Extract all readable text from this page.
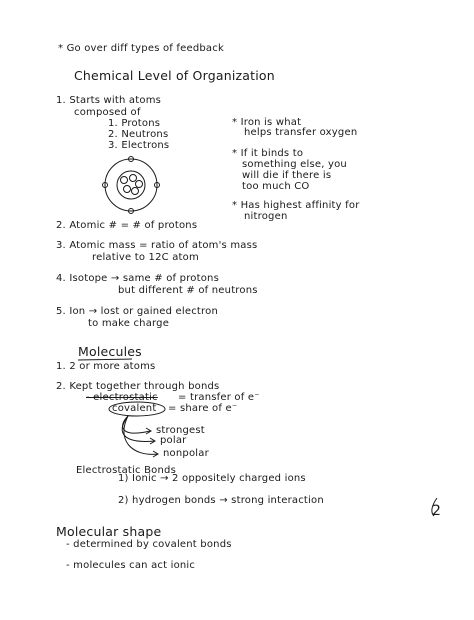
* Go over diff types of feedback
Chemical Level of Organization
1. Starts with atoms
composed of
1. Protons
2. Neutrons
3. Electrons
* Iron is what
helps transfer oxygen
* If it binds to
something else, you
will die if there is
too much CO
* Has highest affinity for
nitrogen
2. Atomic # = # of protons
3. Atomic mass = ratio of atom's mass
relative to 12C atom
4. Isotope → same # of protons
but different # of neutrons
5. Ion → lost or gained electron
to make charge
Molecules
1. 2 or more atoms
2. Kept together through bonds
- electrostatic = transfer of e⁻
covalent = share of e⁻
strongest
polar
nonpolar
Electrostatic Bonds
1) Ionic → 2 oppositely charged ions
2) hydrogen bonds → strong interaction
Molecular shape
- determined by covalent bonds
- molecules can act ionic
2
